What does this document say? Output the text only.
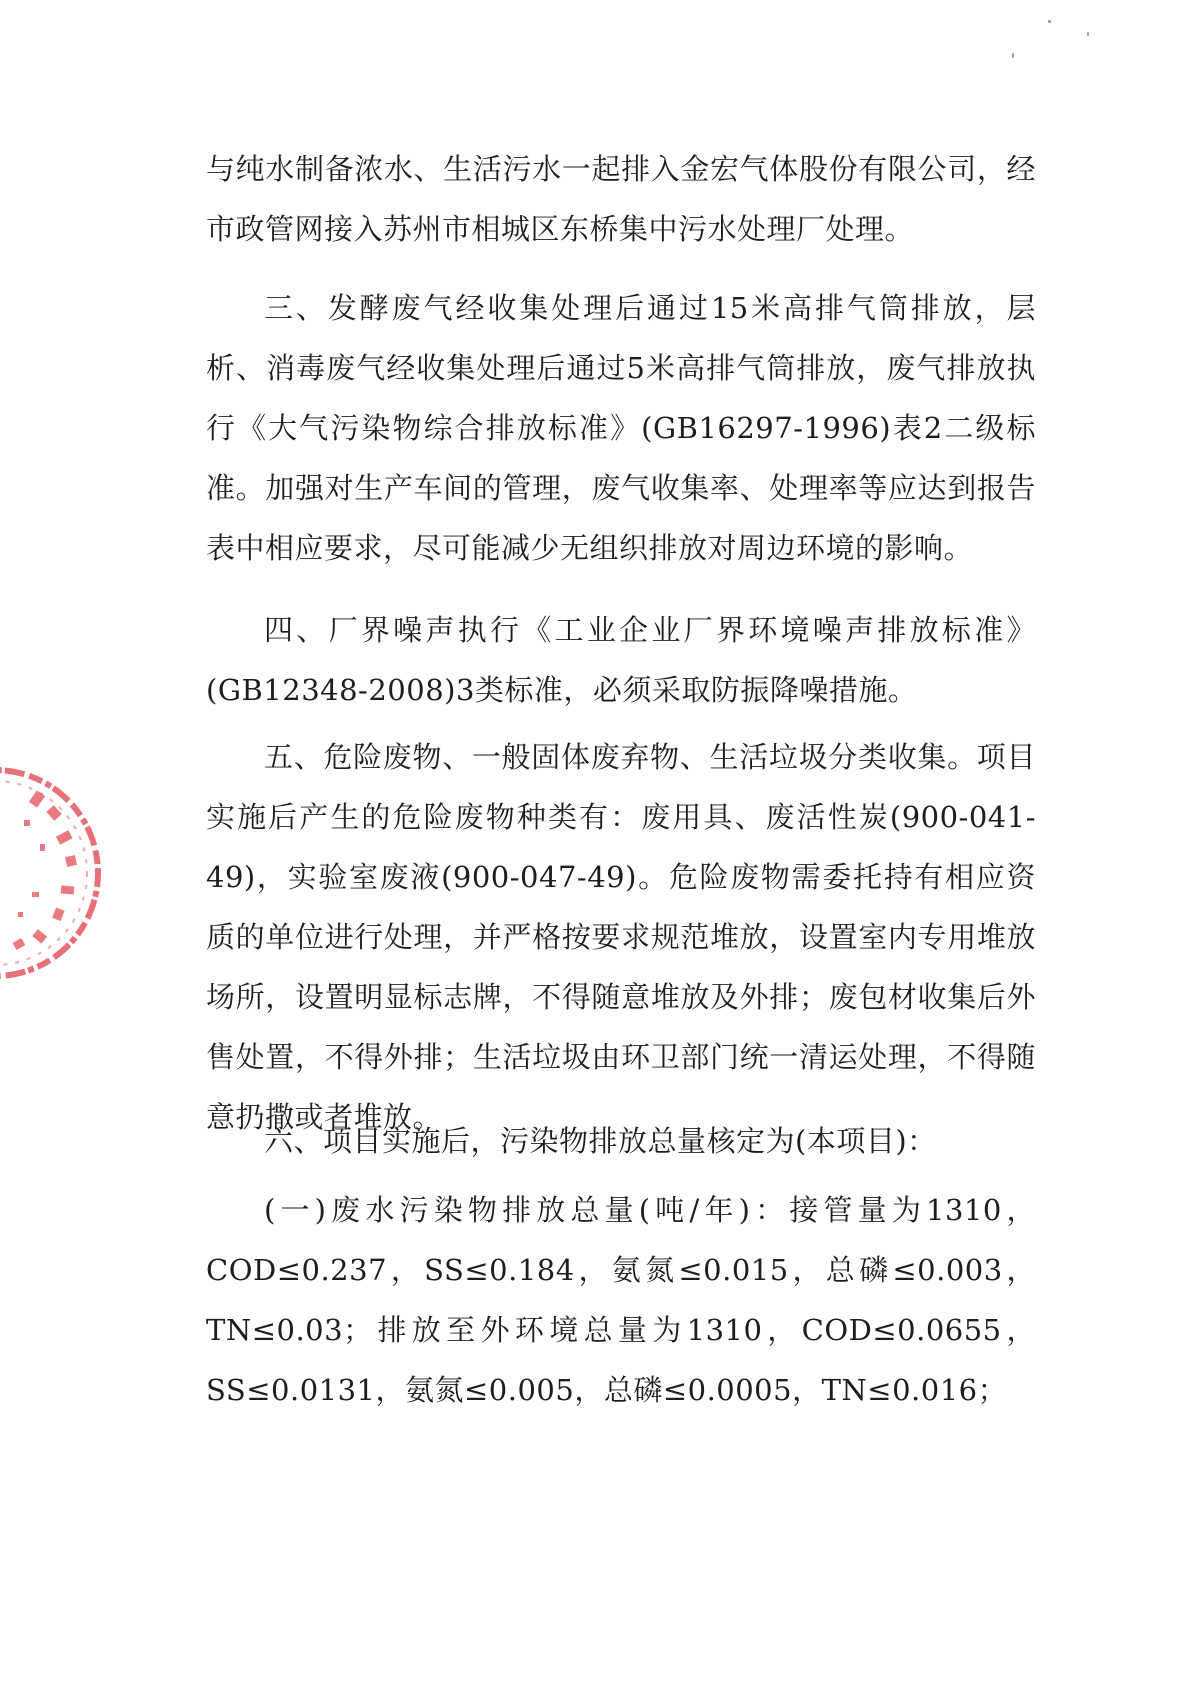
与纯水制备浓水、生活污水一起排入金宏气体股份有限公司，经市政管网接入苏州市相城区东桥集中污水处理厂处理。

三、发酵废气经收集处理后通过15米高排气筒排放，层析、消毒废气经收集处理后通过5米高排气筒排放，废气排放执行《大气污染物综合排放标准》(GB16297-1996)表2二级标准。加强对生产车间的管理，废气收集率、处理率等应达到报告表中相应要求，尽可能减少无组织排放对周边环境的影响。

四、厂界噪声执行《工业企业厂界环境噪声排放标准》(GB12348-2008)3类标准，必须采取防振降噪措施。

五、危险废物、一般固体废弃物、生活垃圾分类收集。项目实施后产生的危险废物种类有：废用具、废活性炭(900-041-49)，实验室废液(900-047-49)。危险废物需委托持有相应资质的单位进行处理，并严格按要求规范堆放，设置室内专用堆放场所，设置明显标志牌，不得随意堆放及外排；废包材收集后外售处置，不得外排；生活垃圾由环卫部门统一清运处理，不得随意扔撒或者堆放。

六、项目实施后，污染物排放总量核定为(本项目)：

(一)废水污染物排放总量(吨/年)：接管量为1310，COD≤0.237，SS≤0.184，氨氮≤0.015，总磷≤0.003，TN≤0.03；排放至外环境总量为1310，COD≤0.0655，SS≤0.0131，氨氮≤0.005，总磷≤0.0005，TN≤0.016；
